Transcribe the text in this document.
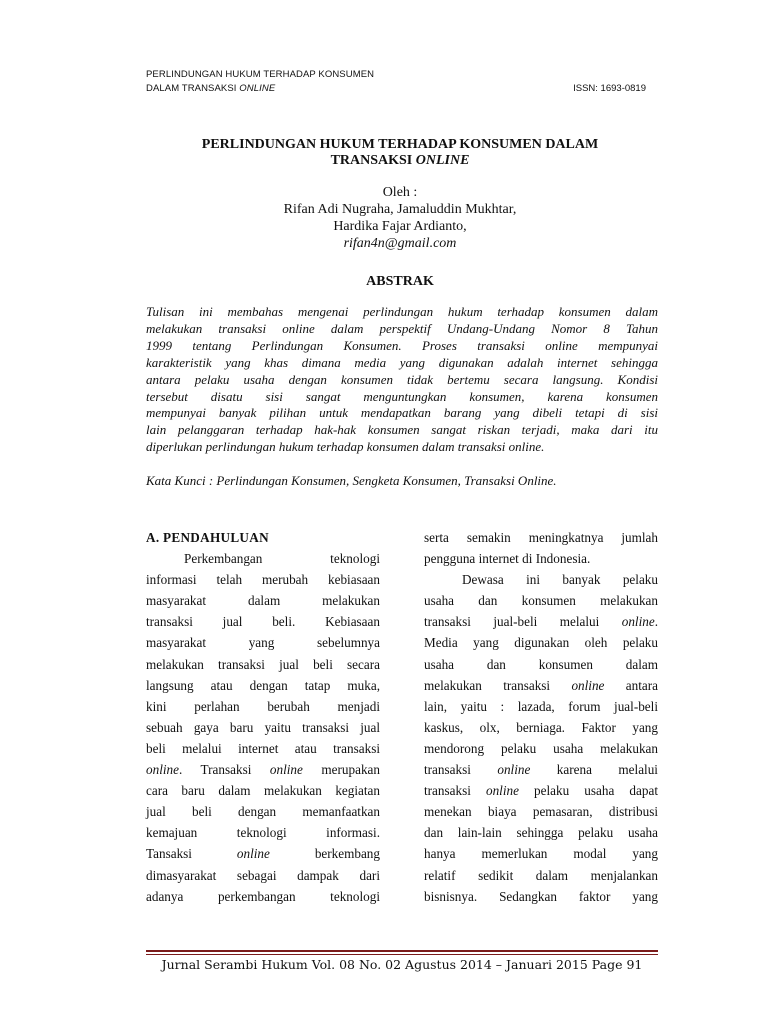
PERLINDUNGAN HUKUM TERHADAP KONSUMEN
DALAM TRANSAKSI ONLINE	ISSN: 1693-0819
PERLINDUNGAN HUKUM TERHADAP KONSUMEN DALAM
TRANSAKSI ONLINE
Oleh :
Rifan Adi Nugraha, Jamaluddin Mukhtar,
Hardika Fajar Ardianto,
rifan4n@gmail.com
ABSTRAK
Tulisan ini membahas mengenai perlindungan hukum terhadap konsumen dalam
melakukan transaksi online dalam perspektif Undang-Undang Nomor 8 Tahun
1999 tentang Perlindungan Konsumen. Proses transaksi online mempunyai
karakteristik yang khas dimana media yang digunakan adalah internet sehingga
antara pelaku usaha dengan konsumen tidak bertemu secara langsung. Kondisi
tersebut disatu sisi sangat menguntungkan konsumen, karena konsumen
mempunyai banyak pilihan untuk mendapatkan barang yang dibeli tetapi di sisi
lain pelanggaran terhadap hak-hak konsumen sangat riskan terjadi, maka dari itu
diperlukan perlindungan hukum terhadap konsumen dalam transaksi online.
Kata Kunci : Perlindungan Konsumen, Sengketa Konsumen, Transaksi Online.
A. PENDAHULUAN
Perkembangan teknologi
informasi telah merubah kebiasaan
masyarakat dalam melakukan
transaksi jual beli. Kebiasaan
masyarakat yang sebelumnya
melakukan transaksi jual beli secara
langsung atau dengan tatap muka,
kini perlahan berubah menjadi
sebuah gaya baru yaitu transaksi jual
beli melalui internet atau transaksi
online. Transaksi online merupakan
cara baru dalam melakukan kegiatan
jual beli dengan memanfaatkan
kemajuan teknologi informasi.
Tansaksi online berkembang
dimasyarakat sebagai dampak dari
adanya perkembangan teknologi
serta semakin meningkatnya jumlah
pengguna internet di Indonesia.
Dewasa ini banyak pelaku
usaha dan konsumen melakukan
transaksi jual-beli melalui online.
Media yang digunakan oleh pelaku
usaha dan konsumen dalam
melakukan transaksi online antara
lain, yaitu : lazada, forum jual-beli
kaskus, olx, berniaga. Faktor yang
mendorong pelaku usaha melakukan
transaksi online karena melalui
transaksi online pelaku usaha dapat
menekan biaya pemasaran, distribusi
dan lain-lain sehingga pelaku usaha
hanya memerlukan modal yang
relatif sedikit dalam menjalankan
bisnisnya. Sedangkan faktor yang
Jurnal Serambi Hukum Vol. 08 No. 02 Agustus 2014 – Januari 2015 Page 91
